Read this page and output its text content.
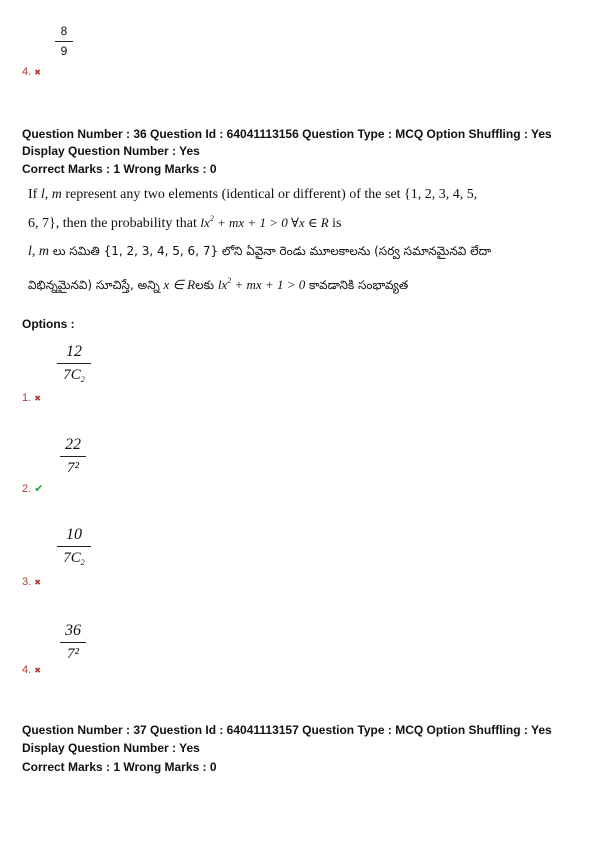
8
9
4. ✖
Question Number : 36 Question Id : 64041113156 Question Type : MCQ Option Shuffling : Yes
Display Question Number : Yes
Correct Marks : 1 Wrong Marks : 0
If l, m represent any two elements (identical or different) of the set {1, 2, 3, 4, 5,
6, 7}, then the probability that $lx^2$ + mx + 1 > 0 ∀x ∈ R is
l, m లు సమితి {1, 2, 3, 4, 5, 6, 7} లోని ఏవైనా రెండు మూలకాలను (సర్వ సమానమైనవి లేదా
విభిన్నమైనవి) సూచిస్తే, అన్ని x ∈ Rలకు $lx^2$ + mx + 1 > 0 కావడానికి సంభావ్యత
Options :
12
$7C_2$
1. ✖
22
7²
2. ✔
10
$7C_2$
3. ✖
36
7²
4. ✖
Question Number : 37 Question Id : 64041113157 Question Type : MCQ Option Shuffling : Yes
Display Question Number : Yes
Correct Marks : 1 Wrong Marks : 0
